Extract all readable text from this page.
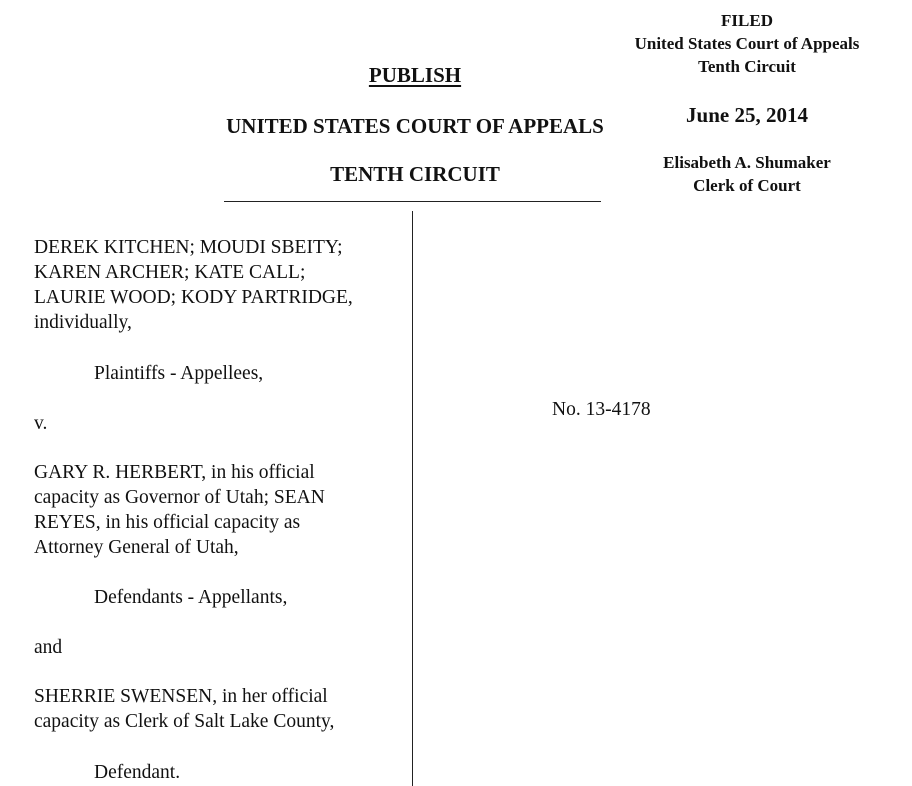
FILED
United States Court of Appeals
Tenth Circuit
June 25, 2014
Elisabeth A. Shumaker
Clerk of Court
PUBLISH
UNITED STATES COURT OF APPEALS
TENTH CIRCUIT
DEREK KITCHEN; MOUDI SBEITY;
KAREN ARCHER; KATE CALL;
LAURIE WOOD; KODY PARTRIDGE,
individually,
Plaintiffs - Appellees,
v.
GARY R. HERBERT, in his official
capacity as Governor of Utah; SEAN
REYES, in his official capacity as
Attorney General of Utah,
Defendants - Appellants,
and
SHERRIE SWENSEN, in her official
capacity as Clerk of Salt Lake County,
Defendant.
No. 13-4178
